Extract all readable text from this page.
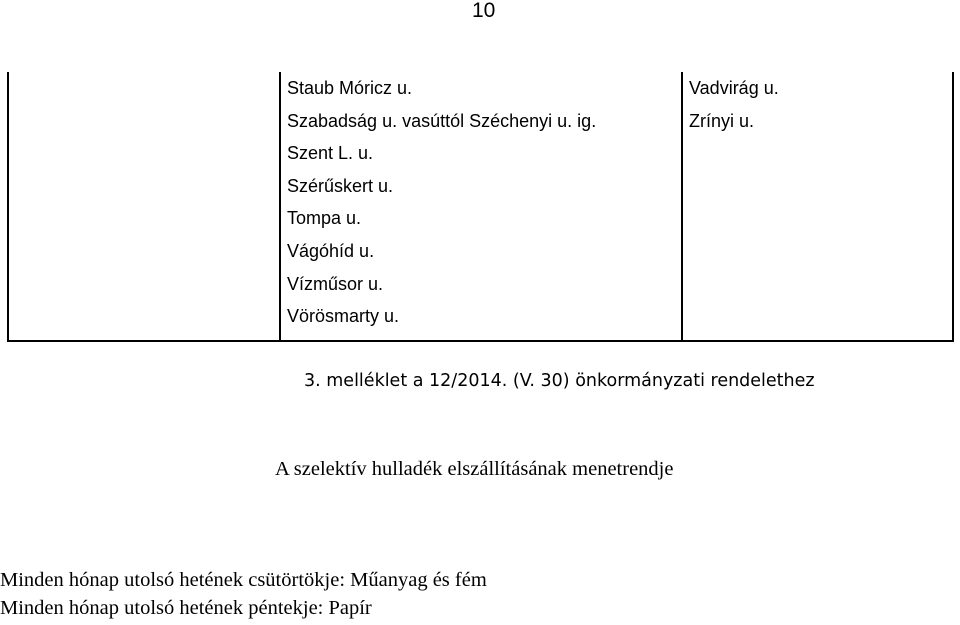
10
Staub Móricz u.
Szabadság u. vasúttól Széchenyi u. ig.
Szent L. u.
Szérűskert u.
Tompa u.
Vágóhíd u.
Vízműsor u.
Vörösmarty u.
Vadvirág u.
Zrínyi u.
3. melléklet a 12/2014. (V. 30) önkormányzati rendelethez
A szelektív hulladék elszállításának menetrendje
Minden hónap utolsó hetének csütörtökje: Műanyag és fém
Minden hónap utolsó hetének péntekje: Papír
